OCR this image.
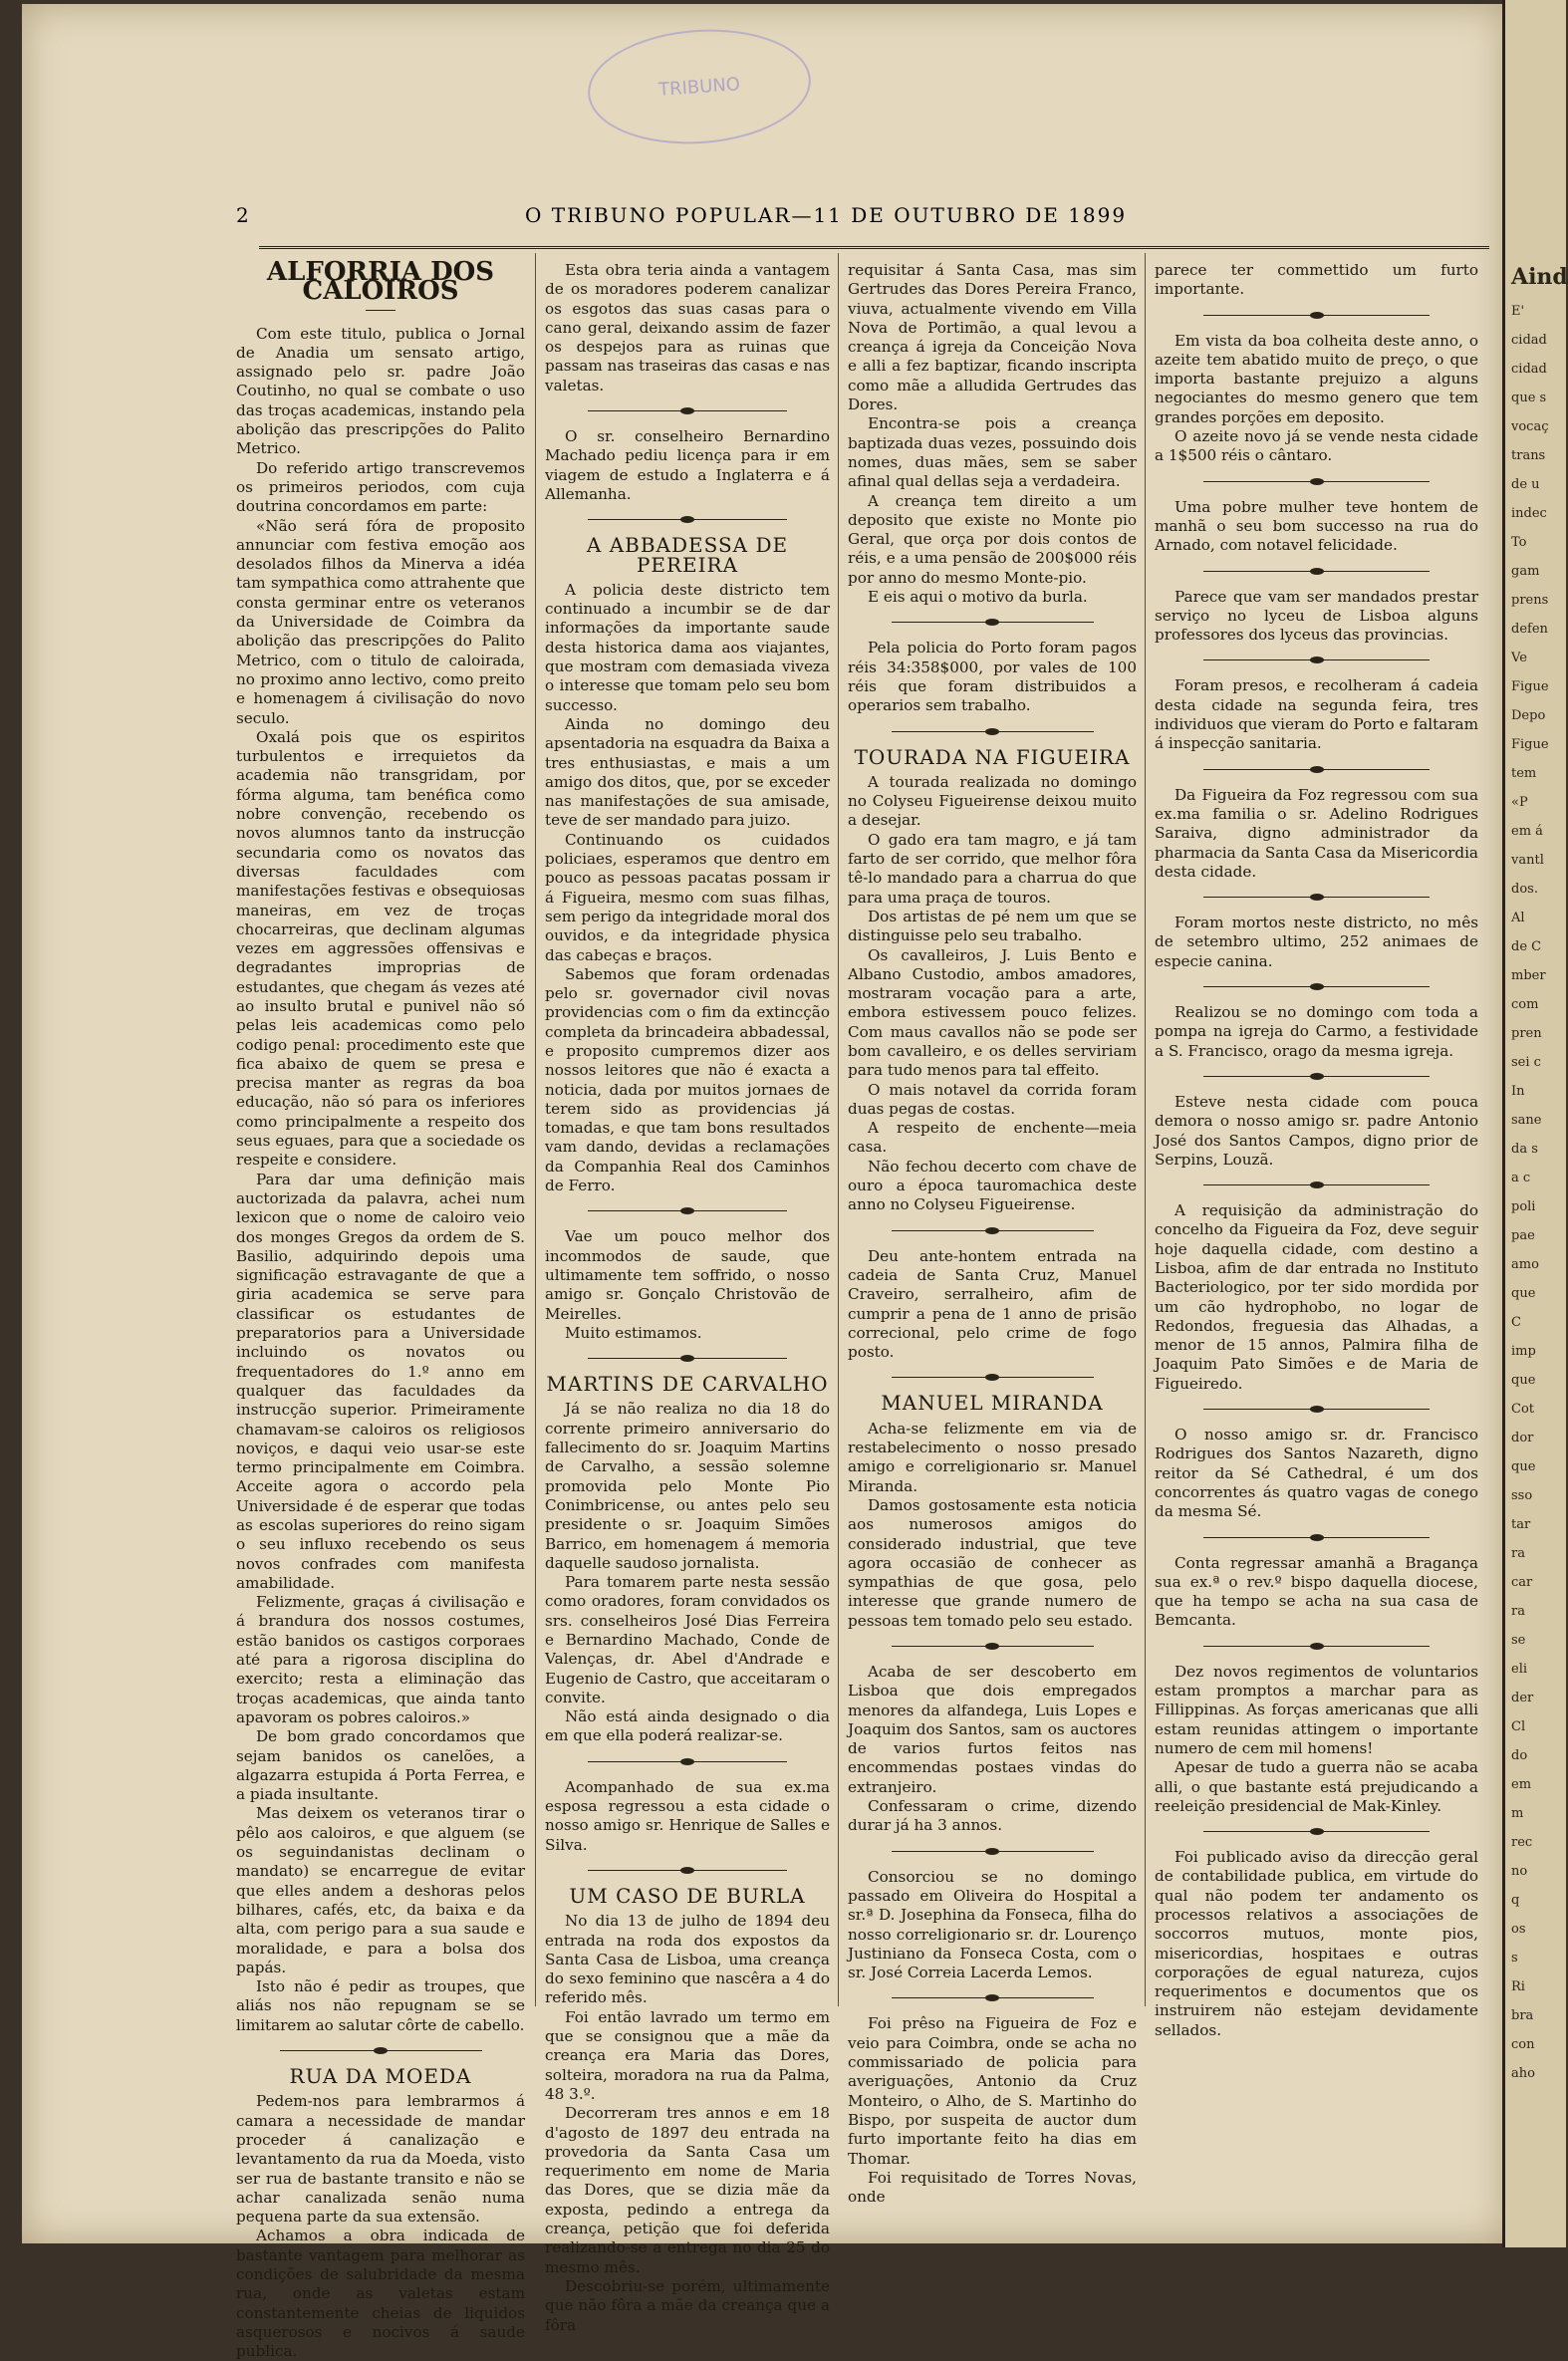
TRIBUNO
2	O TRIBUNO POPULAR—11 DE OUTUBRO DE 1899
ALFORRIA DOS CALOIROS

Com este titulo, publica o Jornal de Anadia um sensato artigo, assignado pelo sr. padre João Coutinho, no qual se combate o uso das troças academicas, instando pela abolição das prescripções do Palito Metrico.

Do referido artigo transcrevemos os primeiros periodos, com cuja doutrina concordamos em parte:

«Não será fóra de proposito annunciar com festiva emoção aos desolados filhos da Minerva a idéa tam sympathica como attrahente que consta germinar entre os veteranos da Universidade de Coimbra da abolição das prescripções do Palito Metrico, com o titulo de caloirada, no proximo anno lectivo, como preito e homenagem á civilisação do novo seculo.

Oxalá pois que os espiritos turbulentos e irrequietos da academia não transgridam, por fórma alguma, tam benéfica como nobre convenção, recebendo os novos alumnos tanto da instrucção secundaria como os novatos das diversas faculdades com manifestações festivas e obsequiosas maneiras, em vez de troças chocarreiras, que declinam algumas vezes em aggressões offensivas e degradantes improprias de estudantes, que chegam ás vezes até ao insulto brutal e punivel não só pelas leis academicas como pelo codigo penal: procedimento este que fica abaixo de quem se presa e precisa manter as regras da boa educação, não só para os inferiores como principalmente a respeito dos seus eguaes, para que a sociedade os respeite e considere.

Para dar uma definição mais auctorizada da palavra, achei num lexicon que o nome de caloiro veio dos monges Gregos da ordem de S. Basilio, adquirindo depois uma significação estravagante de que a giria academica se serve para classificar os estudantes de preparatorios para a Universidade incluindo os novatos ou frequentadores do 1.º anno em qualquer das faculdades da instrucção superior. Primeiramente chamavam-se caloiros os religiosos noviços, e daqui veio usar-se este termo principalmente em Coimbra. Acceite agora o accordo pela Universidade é de esperar que todas as escolas superiores do reino sigam o seu influxo recebendo os seus novos confrades com manifesta amabilidade.

Felizmente, graças á civilisação e á brandura dos nossos costumes, estão banidos os castigos corporaes até para a rigorosa disciplina do exercito; resta a eliminação das troças academicas, que ainda tanto apavoram os pobres caloiros.»

De bom grado concordamos que sejam banidos os canelões, a algazarra estupida á Porta Ferrea, e a piada insultante.

Mas deixem os veteranos tirar o pêlo aos caloiros, e que alguem (se os seguindanistas declinam o mandato) se encarregue de evitar que elles andem a deshoras pelos bilhares, cafés, etc, da baixa e da alta, com perigo para a sua saude e moralidade, e para a bolsa dos papás.

Isto não é pedir as troupes, que aliás nos não repugnam se se limitarem ao salutar côrte de cabello.

RUA DA MOEDA

Pedem-nos para lembrarmos á camara a necessidade de mandar proceder á canalização e levantamento da rua da Moeda, visto ser rua de bastante transito e não se achar canalizada senão numa pequena parte da sua extensão.

Achamos a obra indicada de bastante vantagem para melhorar as condições de salubridade da mesma rua, onde as valetas estam constantemente cheias de liquidos asquerosos e nocivos á saude publica.

Esta obra teria ainda a vantagem de os moradores poderem canalizar os esgotos das suas casas para o cano geral, deixando assim de fazer os despejos para as ruinas que passam nas traseiras das casas e nas valetas.

O sr. conselheiro Bernardino Machado pediu licença para ir em viagem de estudo a Inglaterra e á Allemanha.

A ABBADESSA DE PEREIRA

A policia deste districto tem continuado a incumbir se de dar informações da importante saude desta historica dama aos viajantes, que mostram com demasiada viveza o interesse que tomam pelo seu bom successo.

Ainda no domingo deu apsentadoria na esquadra da Baixa a tres enthusiastas, e mais a um amigo dos ditos, que, por se exceder nas manifestações de sua amisade, teve de ser mandado para juizo.

Continuando os cuidados policiaes, esperamos que dentro em pouco as pessoas pacatas possam ir á Figueira, mesmo com suas filhas, sem perigo da integridade moral dos ouvidos, e da integridade physica das cabeças e braços.

Sabemos que foram ordenadas pelo sr. governador civil novas providencias com o fim da extincção completa da brincadeira abbadessal, e proposito cumpremos dizer aos nossos leitores que não é exacta a noticia, dada por muitos jornaes de terem sido as providencias já tomadas, e que tam bons resultados vam dando, devidas a reclamações da Companhia Real dos Caminhos de Ferro.

Vae um pouco melhor dos incommodos de saude, que ultimamente tem soffrido, o nosso amigo sr. Gonçalo Christovão de Meirelles.

Muito estimamos.

MARTINS DE CARVALHO

Já se não realiza no dia 18 do corrente primeiro anniversario do fallecimento do sr. Joaquim Martins de Carvalho, a sessão solemne promovida pelo Monte Pio Conimbricense, ou antes pelo seu presidente o sr. Joaquim Simões Barrico, em homenagem á memoria daquelle saudoso jornalista.

Para tomarem parte nesta sessão como oradores, foram convidados os srs. conselheiros José Dias Ferreira e Bernardino Machado, Conde de Valenças, dr. Abel d'Andrade e Eugenio de Castro, que acceitaram o convite.

Não está ainda designado o dia em que ella poderá realizar-se.

Acompanhado de sua ex.ma esposa regressou a esta cidade o nosso amigo sr. Henrique de Salles e Silva.

UM CASO DE BURLA

No dia 13 de julho de 1894 deu entrada na roda dos expostos da Santa Casa de Lisboa, uma creança do sexo feminino que nascêra a 4 do referido mês.

Foi então lavrado um termo em que se consignou que a mãe da creança era Maria das Dores, solteira, moradora na rua da Palma, 48 3.º.

Decorreram tres annos e em 18 d'agosto de 1897 deu entrada na provedoria da Santa Casa um requerimento em nome de Maria das Dores, que se dizia mãe da exposta, pedindo a entrega da creança, petição que foi deferida realizando-se a entrega no dia 25 do mesmo mês.

Descobriu-se porém, ultimamente que não fôra a mãe da creança que a fôra

requisitar á Santa Casa, mas sim Gertrudes das Dores Pereira Franco, viuva, actualmente vivendo em Villa Nova de Portimão, a qual levou a creança á igreja da Conceição Nova e alli a fez baptizar, ficando inscripta como mãe a alludida Gertrudes das Dores.

Encontra-se pois a creança baptizada duas vezes, possuindo dois nomes, duas mães, sem se saber afinal qual dellas seja a verdadeira.

A creança tem direito a um deposito que existe no Monte pio Geral, que orça por dois contos de réis, e a uma pensão de 200$000 réis por anno do mesmo Monte-pio.

E eis aqui o motivo da burla.

Pela policia do Porto foram pagos réis 34:358$000, por vales de 100 réis que foram distribuidos a operarios sem trabalho.

TOURADA NA FIGUEIRA

A tourada realizada no domingo no Colyseu Figueirense deixou muito a desejar.

O gado era tam magro, e já tam farto de ser corrido, que melhor fôra tê-lo mandado para a charrua do que para uma praça de touros.

Dos artistas de pé nem um que se distinguisse pelo seu trabalho.

Os cavalleiros, J. Luis Bento e Albano Custodio, ambos amadores, mostraram vocação para a arte, embora estivessem pouco felizes. Com maus cavallos não se pode ser bom cavalleiro, e os delles serviriam para tudo menos para tal effeito.

O mais notavel da corrida foram duas pegas de costas.

A respeito de enchente—meia casa.

Não fechou decerto com chave de ouro a época tauromachica deste anno no Colyseu Figueirense.

Deu ante-hontem entrada na cadeia de Santa Cruz, Manuel Craveiro, serralheiro, afim de cumprir a pena de 1 anno de prisão correcional, pelo crime de fogo posto.

MANUEL MIRANDA

Acha-se felizmente em via de restabelecimento o nosso presado amigo e correligionario sr. Manuel Miranda.

Damos gostosamente esta noticia aos numerosos amigos do considerado industrial, que teve agora occasião de conhecer as sympathias de que gosa, pelo interesse que grande numero de pessoas tem tomado pelo seu estado.

Acaba de ser descoberto em Lisboa que dois empregados menores da alfandega, Luis Lopes e Joaquim dos Santos, sam os auctores de varios furtos feitos nas encommendas postaes vindas do extranjeiro.

Confessaram o crime, dizendo durar já ha 3 annos.

Consorciou se no domingo passado em Oliveira do Hospital a sr.ª D. Josephina da Fonseca, filha do nosso correligionario sr. dr. Lourenço Justiniano da Fonseca Costa, com o sr. José Correia Lacerda Lemos.

Foi prêso na Figueira de Foz e veio para Coimbra, onde se acha no commissariado de policia para averiguações, Antonio da Cruz Monteiro, o Alho, de S. Martinho do Bispo, por suspeita de auctor dum furto importante feito ha dias em Thomar.

Foi requisitado de Torres Novas, onde

parece ter commettido um furto importante.

Em vista da boa colheita deste anno, o azeite tem abatido muito de preço, o que importa bastante prejuizo a alguns negociantes do mesmo genero que tem grandes porções em deposito.

O azeite novo já se vende nesta cidade a 1$500 réis o cântaro.

Uma pobre mulher teve hontem de manhã o seu bom successo na rua do Arnado, com notavel felicidade.

Parece que vam ser mandados prestar serviço no lyceu de Lisboa alguns professores dos lyceus das provincias.

Foram presos, e recolheram á cadeia desta cidade na segunda feira, tres individuos que vieram do Porto e faltaram á inspecção sanitaria.

Da Figueira da Foz regressou com sua ex.ma familia o sr. Adelino Rodrigues Saraiva, digno administrador da pharmacia da Santa Casa da Misericordia desta cidade.

Foram mortos neste districto, no mês de setembro ultimo, 252 animaes de especie canina.

Realizou se no domingo com toda a pompa na igreja do Carmo, a festividade a S. Francisco, orago da mesma igreja.

Esteve nesta cidade com pouca demora o nosso amigo sr. padre Antonio José dos Santos Campos, digno prior de Serpins, Louzã.

A requisição da administração do concelho da Figueira da Foz, deve seguir hoje daquella cidade, com destino a Lisboa, afim de dar entrada no Instituto Bacteriologico, por ter sido mordida por um cão hydrophobo, no logar de Redondos, freguesia das Alhadas, a menor de 15 annos, Palmira filha de Joaquim Pato Simões e de Maria de Figueiredo.

O nosso amigo sr. dr. Francisco Rodrigues dos Santos Nazareth, digno reitor da Sé Cathedral, é um dos concorrentes ás quatro vagas de conego da mesma Sé.

Conta regressar amanhã a Bragança sua ex.ª o rev.º bispo daquella diocese, que ha tempo se acha na sua casa de Bemcanta.

Dez novos regimentos de voluntarios estam promptos a marchar para as Fillippinas. As forças americanas que alli estam reunidas attingem o importante numero de cem mil homens!

Apesar de tudo a guerra não se acaba alli, o que bastante está prejudicando a reeleição presidencial de Mak-Kinley.

Foi publicado aviso da direcção geral de contabilidade publica, em virtude do qual não podem ter andamento os processos relativos a associações de soccorros mutuos, monte pios, misericordias, hospitaes e outras corporações de egual natureza, cujos requerimentos e documentos que os instruirem não estejam devidamente sellados.

Aind
E'
cidad
cidad
que s
vocaç
trans
de u
indec
To
gam
prens
defen
Ve
Figue
Depo
Figue
tem
«P
em á
vantl
dos.
Al
de C
mber
com
pren
sei c
In
sane
da s
a c
poli
pae
amo
que
C
imp
que
Cot
dor
que
sso
tar
ra
car
ra
se
eli
der
Cl
do
em
m
rec
no
q
os
s
Ri
bra
con
aho
